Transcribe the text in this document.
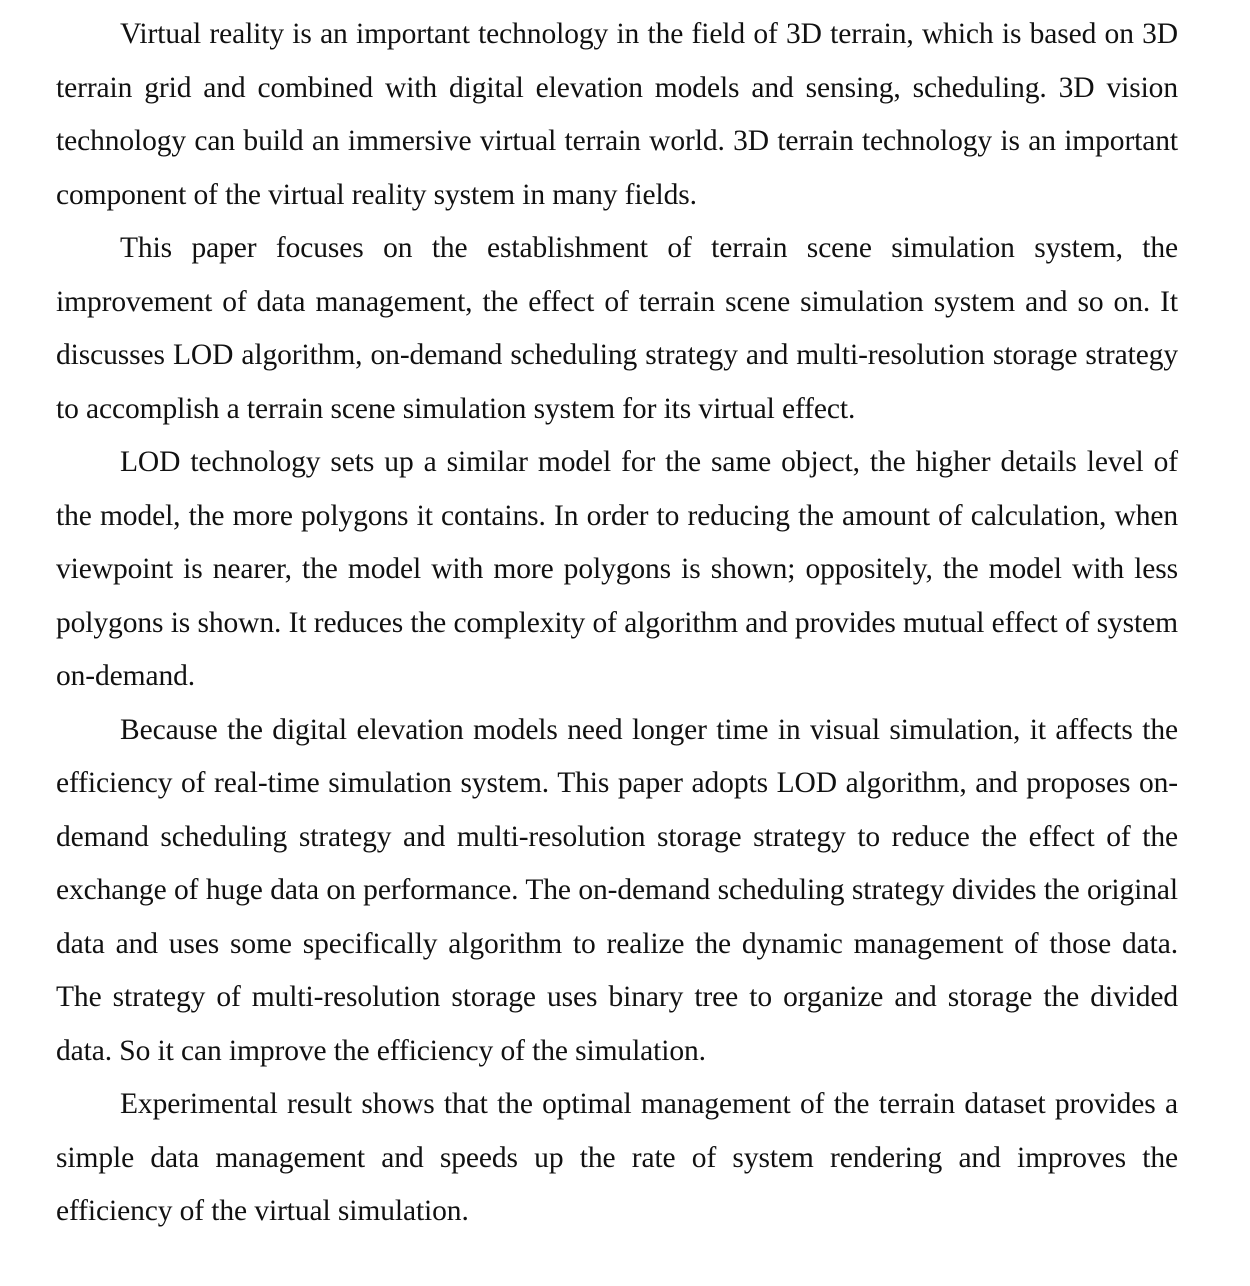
Virtual reality is an important technology in the field of 3D terrain, which is based on 3D terrain grid and combined with digital elevation models and sensing, scheduling. 3D vision technology can build an immersive virtual terrain world. 3D terrain technology is an important component of the virtual reality system in many fields.

This paper focuses on the establishment of terrain scene simulation system, the improvement of data management, the effect of terrain scene simulation system and so on. It discusses LOD algorithm, on-demand scheduling strategy and multi-resolution storage strategy to accomplish a terrain scene simulation system for its virtual effect.

LOD technology sets up a similar model for the same object, the higher details level of the model, the more polygons it contains. In order to reducing the amount of calculation, when viewpoint is nearer, the model with more polygons is shown; oppositely, the model with less polygons is shown. It reduces the complexity of algorithm and provides mutual effect of system on-demand.

Because the digital elevation models need longer time in visual simulation, it affects the efficiency of real-time simulation system. This paper adopts LOD algorithm, and proposes on-demand scheduling strategy and multi-resolution storage strategy to reduce the effect of the exchange of huge data on performance. The on-demand scheduling strategy divides the original data and uses some specifically algorithm to realize the dynamic management of those data. The strategy of multi-resolution storage uses binary tree to organize and storage the divided data. So it can improve the efficiency of the simulation.

Experimental result shows that the optimal management of the terrain dataset provides a simple data management and speeds up the rate of system rendering and improves the efficiency of the virtual simulation.
